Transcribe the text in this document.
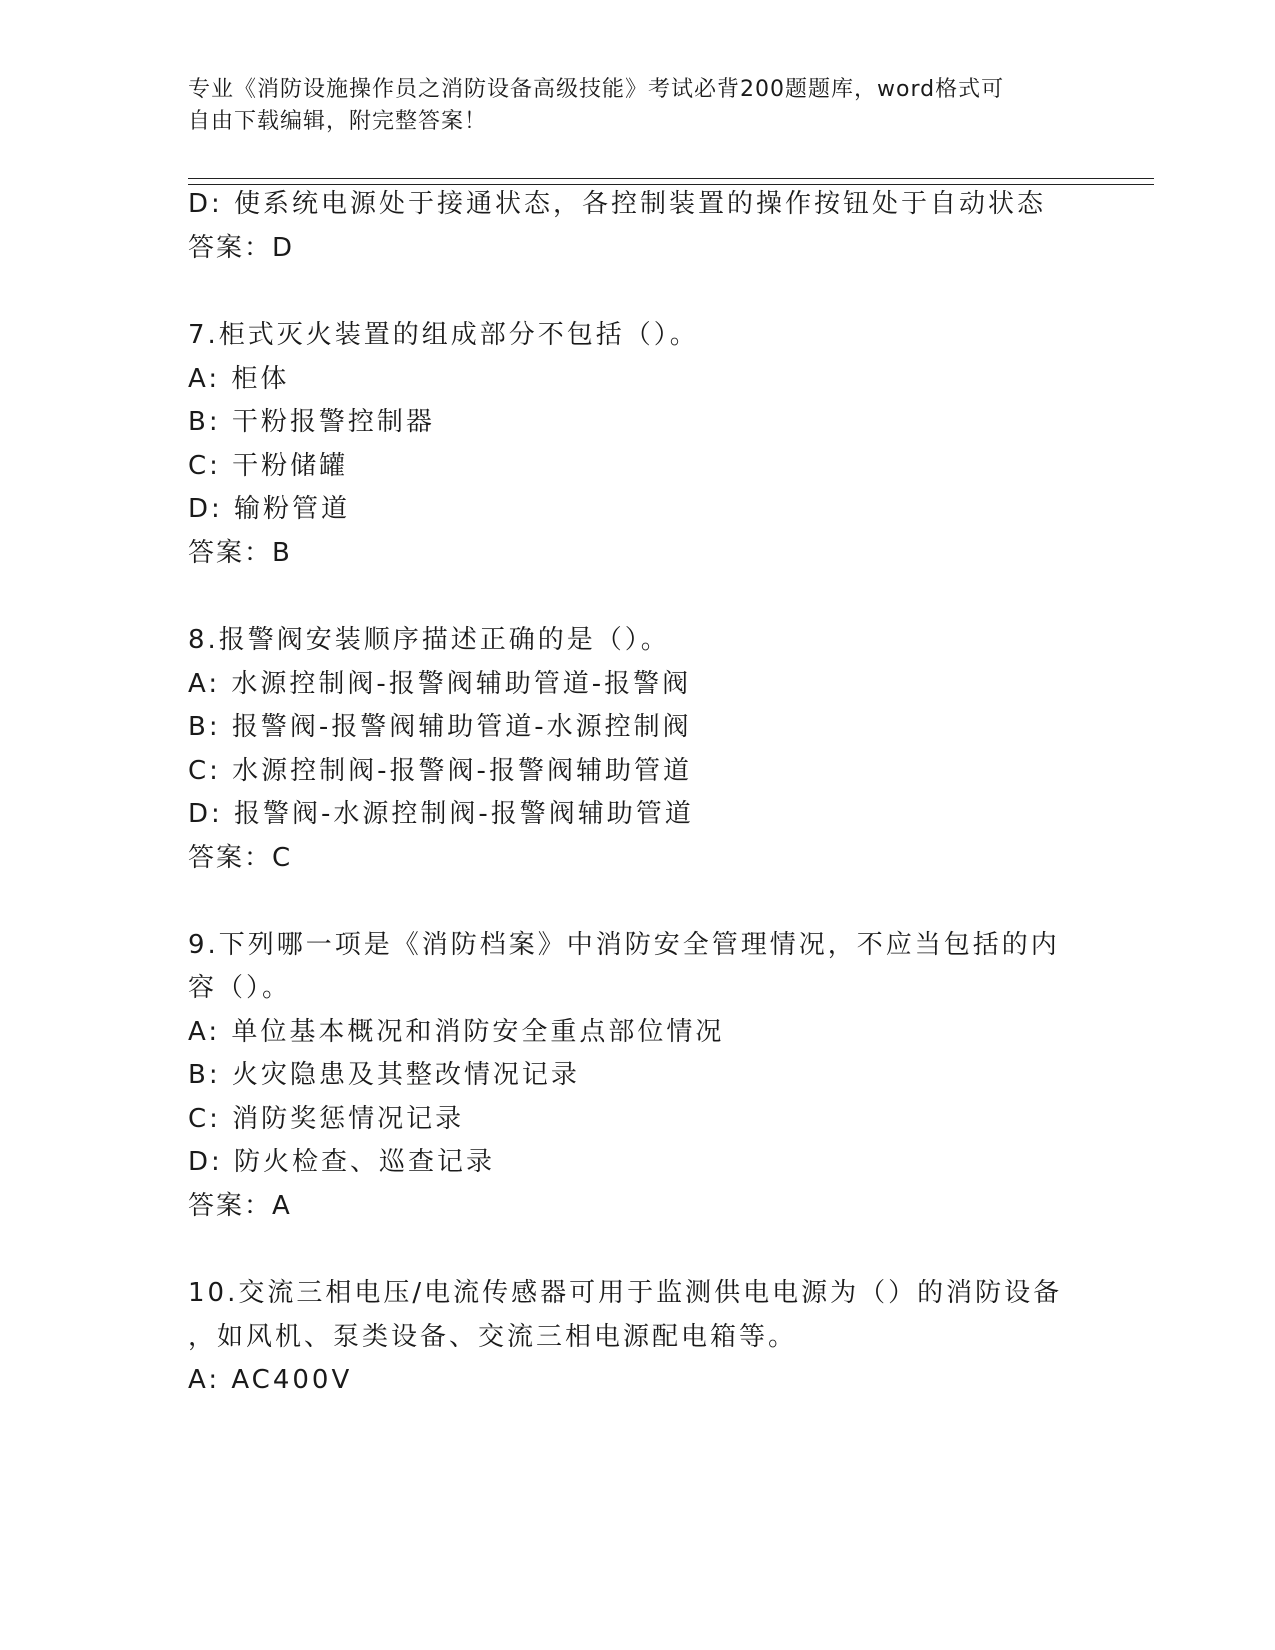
专业《消防设施操作员之消防设备高级技能》考试必背200题题库，word格式可
自由下载编辑，附完整答案！
D: 使系统电源处于接通状态，各控制装置的操作按钮处于自动状态
答案：D
7.柜式灭火装置的组成部分不包括（）。
A: 柜体
B: 干粉报警控制器
C: 干粉储罐
D: 输粉管道
答案：B
8.报警阀安装顺序描述正确的是（）。
A: 水源控制阀-报警阀辅助管道-报警阀
B: 报警阀-报警阀辅助管道-水源控制阀
C: 水源控制阀-报警阀-报警阀辅助管道
D: 报警阀-水源控制阀-报警阀辅助管道
答案：C
9.下列哪一项是《消防档案》中消防安全管理情况，不应当包括的内
容（）。
A: 单位基本概况和消防安全重点部位情况
B: 火灾隐患及其整改情况记录
C: 消防奖惩情况记录
D: 防火检查、巡查记录
答案：A
10.交流三相电压/电流传感器可用于监测供电电源为（）的消防设备
，如风机、泵类设备、交流三相电源配电箱等。
A: AC400V
